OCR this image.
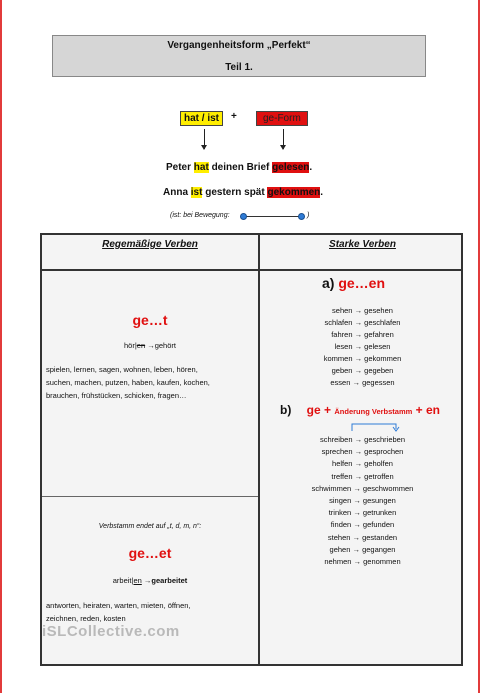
Vergangenheitsform „Perfekt“
Teil 1.
hat / ist	+	ge-Form
Peter hat deinen Brief gelesen.
Anna ist gestern spät gekommen.
(ist: bei Bewegung:	)
Regemäßige Verben	Starke Verben
ge…t
hör|en →gehört
spielen, lernen, sagen, wohnen, leben, hören,
suchen, machen, putzen, haben, kaufen, kochen,
brauchen, frühstücken, schicken, fragen…
Verbstamm endet auf „t, d, m, n“:
ge…et
arbeit|en →gearbeitet
antworten, heiraten, warten, mieten, öffnen,
zeichnen, reden, kosten
a) ge…en
sehen → gesehen
schlafen → geschlafen
fahren → gefahren
lesen → gelesen
kommen → gekommen
geben → gegeben
essen → gegessen
b) ge + Änderung Verbstamm + en
schreiben → geschrieben
sprechen → gesprochen
helfen → geholfen
treffen → getroffen
schwimmen → geschwommen
singen → gesungen
trinken → getrunken
finden → gefunden
stehen → gestanden
gehen → gegangen
nehmen → genommen
iSLCollective.com
